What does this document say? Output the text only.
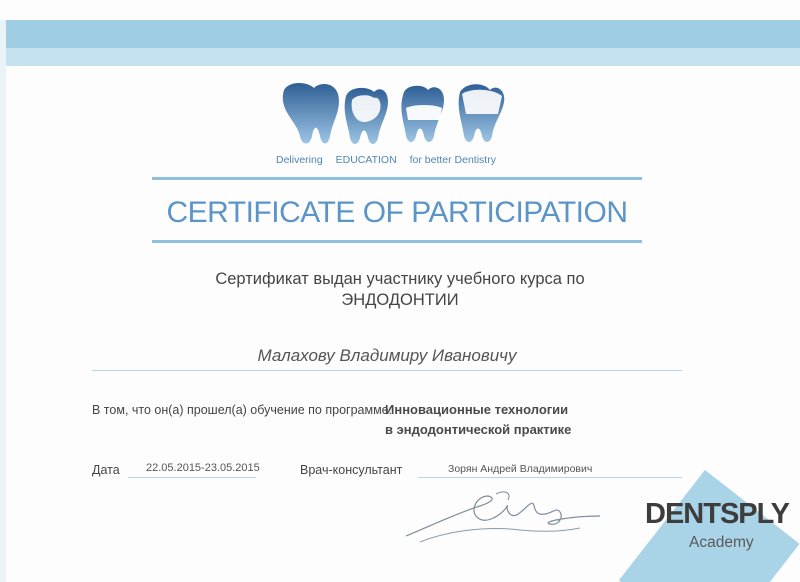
Delivering EDUCATION for better Dentistry
CERTIFICATE OF PARTICIPATION
Сертификат выдан участнику учебного курса по
ЭНДОДОНТИИ
Малахову Владимиру Ивановичу
В том, что он(а) прошел(а) обучение по программе:
Инновационные технологии
в эндодонтической практике
Дата 22.05.2015-23.05.2015	Врач-консультант	Зорян Андрей Владимирович
DENTSPLY
Academy
